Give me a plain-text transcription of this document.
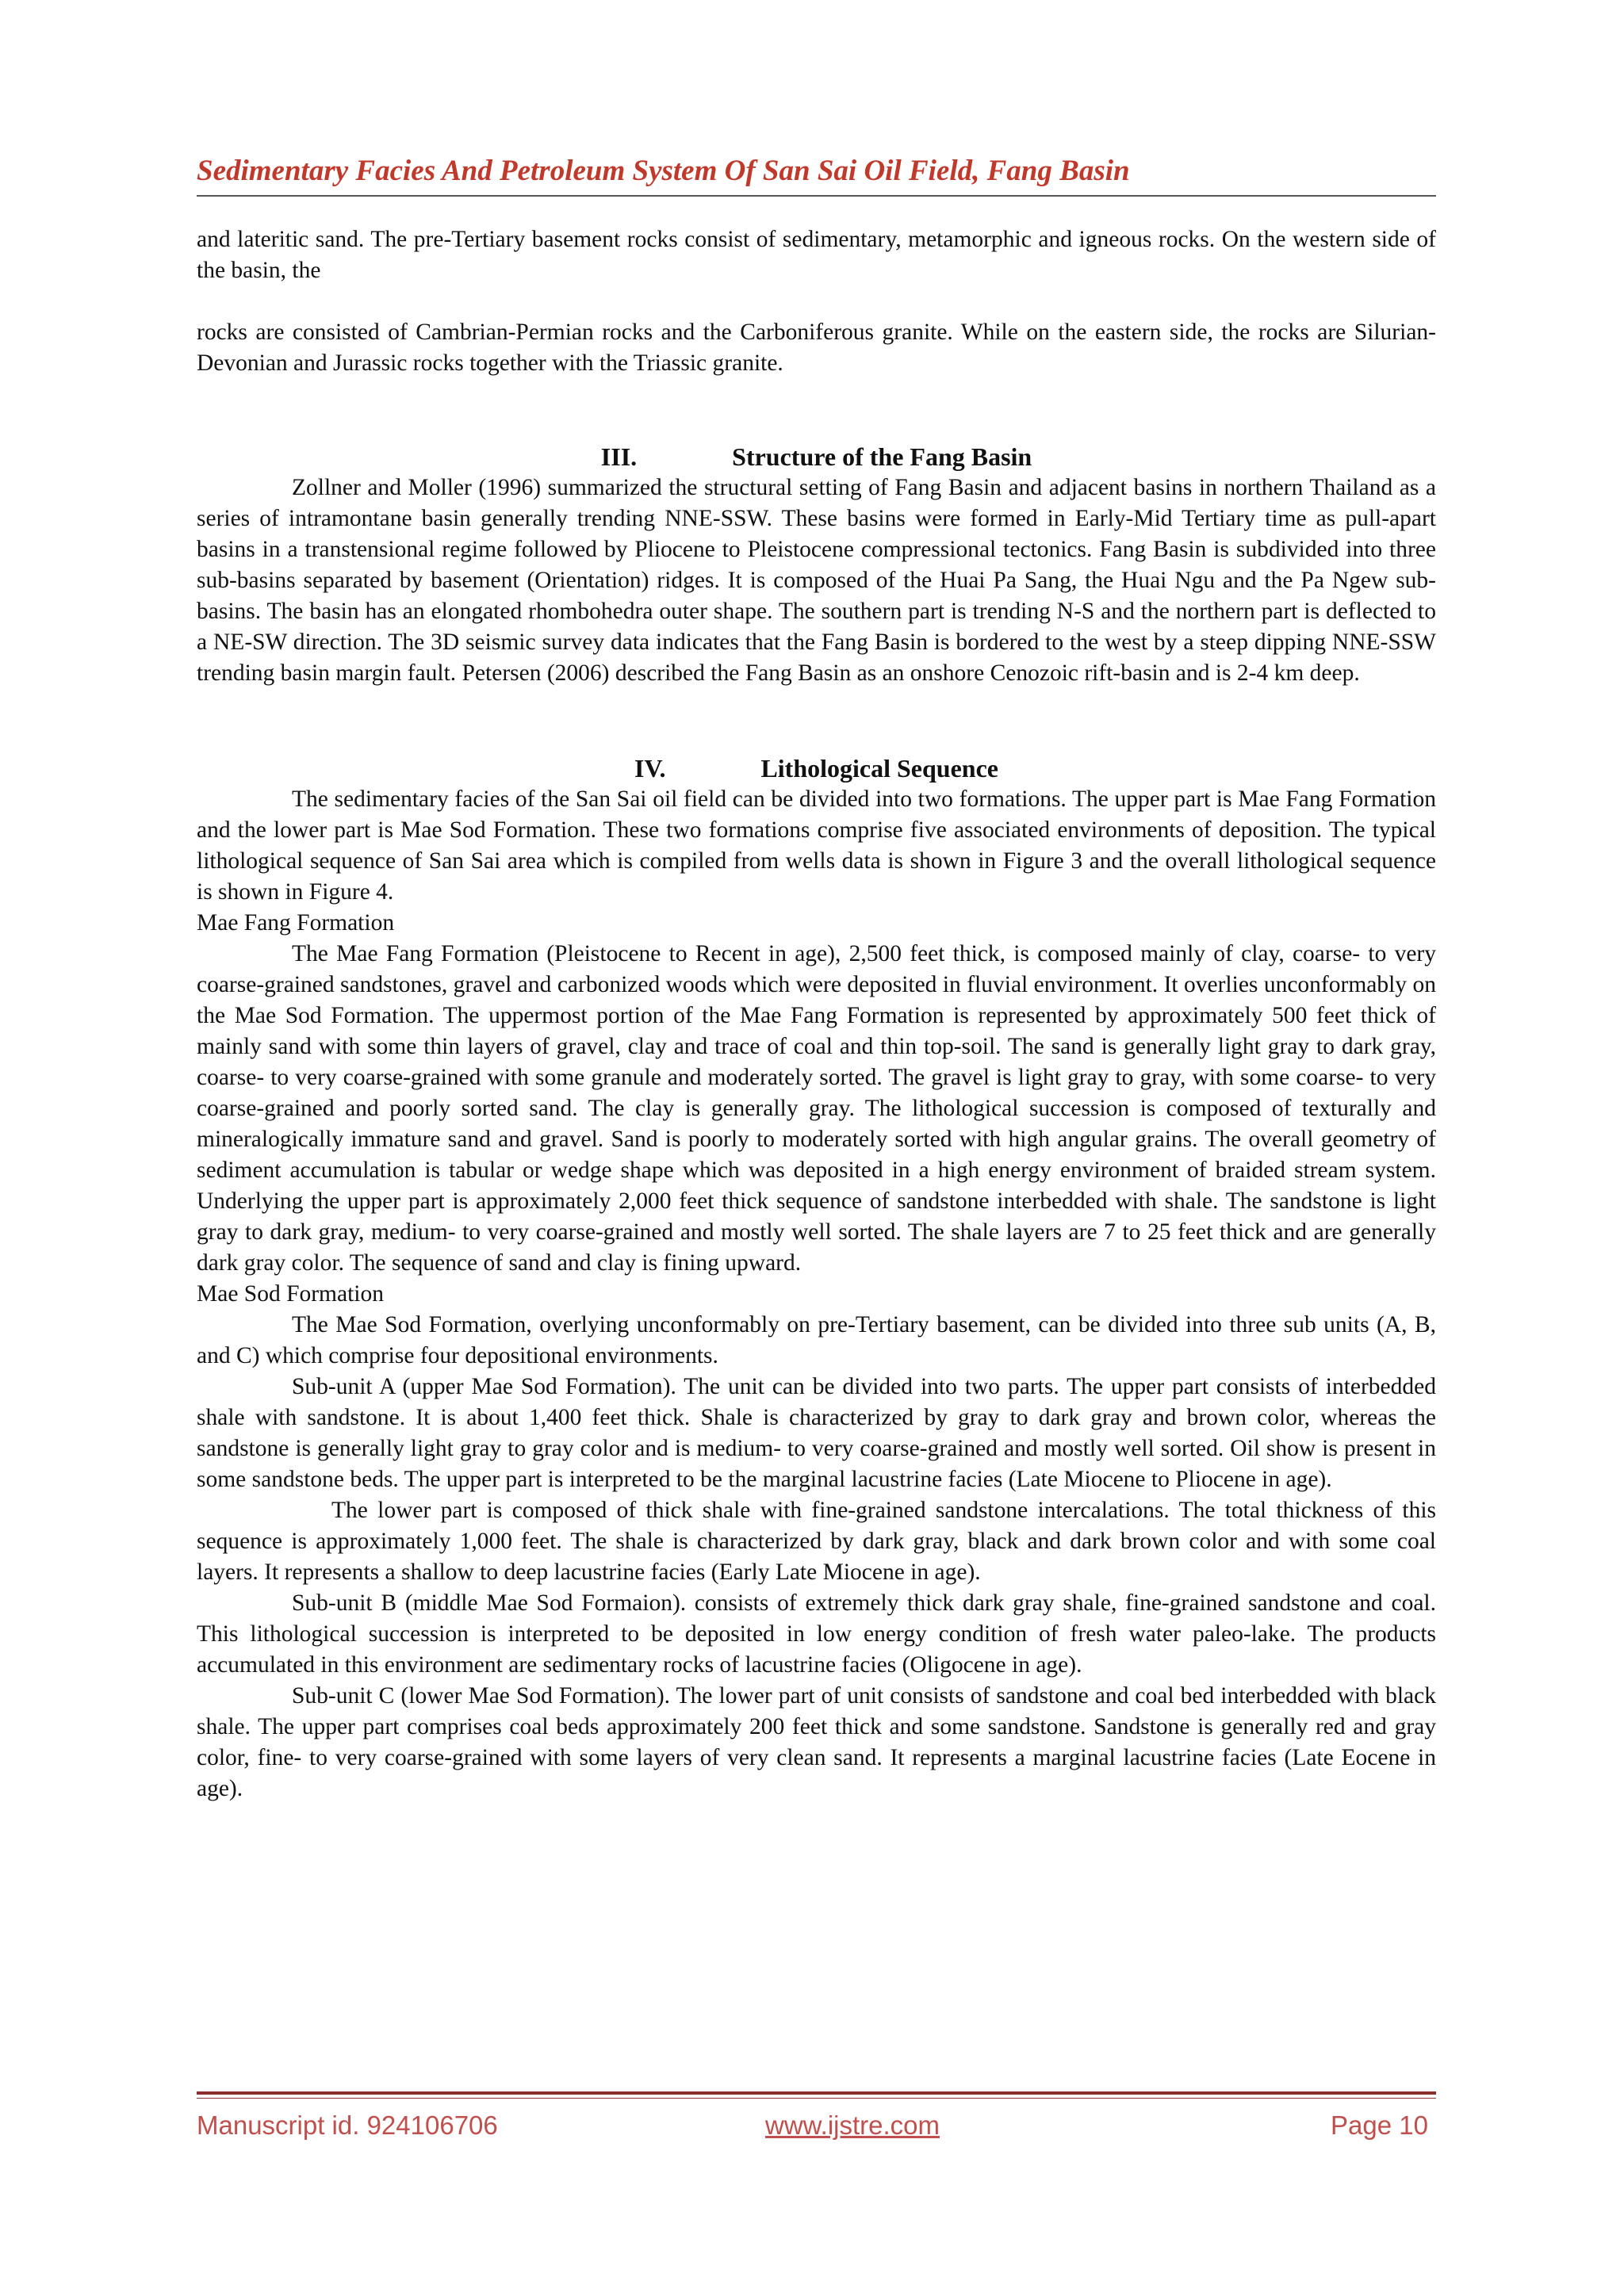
Sedimentary Facies And Petroleum System Of San Sai Oil Field, Fang Basin

and lateritic sand. The pre-Tertiary basement rocks consist of sedimentary, metamorphic and igneous rocks. On the western side of the basin, the

rocks are consisted of Cambrian-Permian rocks and the Carboniferous granite. While on the eastern side, the rocks are Silurian-Devonian and Jurassic rocks together with the Triassic granite.

III.	Structure of the Fang Basin

Zollner and Moller (1996) summarized the structural setting of Fang Basin and adjacent basins in northern Thailand as a series of intramontane basin generally trending NNE-SSW. These basins were formed in Early-Mid Tertiary time as pull-apart basins in a transtensional regime followed by Pliocene to Pleistocene compressional tectonics. Fang Basin is subdivided into three sub-basins separated by basement (Orientation) ridges. It is composed of the Huai Pa Sang, the Huai Ngu and the Pa Ngew sub-basins. The basin has an elongated rhombohedra outer shape. The southern part is trending N-S and the northern part is deflected to a NE-SW direction. The 3D seismic survey data indicates that the Fang Basin is bordered to the west by a steep dipping NNE-SSW trending basin margin fault. Petersen (2006) described the Fang Basin as an onshore Cenozoic rift-basin and is 2-4 km deep.

IV.	Lithological Sequence

The sedimentary facies of the San Sai oil field can be divided into two formations. The upper part is Mae Fang Formation and the lower part is Mae Sod Formation. These two formations comprise five associated environments of deposition. The typical lithological sequence of San Sai area which is compiled from wells data is shown in Figure 3 and the overall lithological sequence is shown in Figure 4.

Mae Fang Formation

The Mae Fang Formation (Pleistocene to Recent in age), 2,500 feet thick, is composed mainly of clay, coarse- to very coarse-grained sandstones, gravel and carbonized woods which were deposited in fluvial environment. It overlies unconformably on the Mae Sod Formation. The uppermost portion of the Mae Fang Formation is represented by approximately 500 feet thick of mainly sand with some thin layers of gravel, clay and trace of coal and thin top-soil. The sand is generally light gray to dark gray, coarse- to very coarse-grained with some granule and moderately sorted. The gravel is light gray to gray, with some coarse- to very coarse-grained and poorly sorted sand. The clay is generally gray. The lithological succession is composed of texturally and mineralogically immature sand and gravel. Sand is poorly to moderately sorted with high angular grains. The overall geometry of sediment accumulation is tabular or wedge shape which was deposited in a high energy environment of braided stream system. Underlying the upper part is approximately 2,000 feet thick sequence of sandstone interbedded with shale. The sandstone is light gray to dark gray, medium- to very coarse-grained and mostly well sorted. The shale layers are 7 to 25 feet thick and are generally dark gray color. The sequence of sand and clay is fining upward.

Mae Sod Formation

The Mae Sod Formation, overlying unconformably on pre-Tertiary basement, can be divided into three sub units (A, B, and C) which comprise four depositional environments.

Sub-unit A (upper Mae Sod Formation). The unit can be divided into two parts. The upper part consists of interbedded shale with sandstone. It is about 1,400 feet thick. Shale is characterized by gray to dark gray and brown color, whereas the sandstone is generally light gray to gray color and is medium- to very coarse-grained and mostly well sorted. Oil show is present in some sandstone beds. The upper part is interpreted to be the marginal lacustrine facies (Late Miocene to Pliocene in age).

The lower part is composed of thick shale with fine-grained sandstone intercalations. The total thickness of this sequence is approximately 1,000 feet. The shale is characterized by dark gray, black and dark brown color and with some coal layers. It represents a shallow to deep lacustrine facies (Early Late Miocene in age).

Sub-unit B (middle Mae Sod Formaion). consists of extremely thick dark gray shale, fine-grained sandstone and coal. This lithological succession is interpreted to be deposited in low energy condition of fresh water paleo-lake. The products accumulated in this environment are sedimentary rocks of lacustrine facies (Oligocene in age).

Sub-unit C (lower Mae Sod Formation). The lower part of unit consists of sandstone and coal bed interbedded with black shale. The upper part comprises coal beds approximately 200 feet thick and some sandstone. Sandstone is generally red and gray color, fine- to very coarse-grained with some layers of very clean sand. It represents a marginal lacustrine facies (Late Eocene in age).

Manuscript id. 924106706	www.ijstre.com	Page 10
